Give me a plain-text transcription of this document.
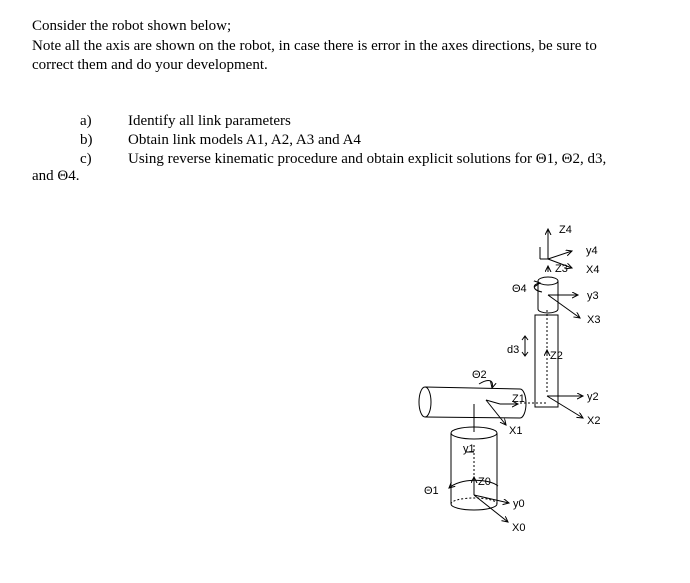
Consider the robot shown below;

Note all the axis are shown on the robot, in case there is error in the axes directions, be sure to

correct them and do your development.

a)	Identify all link parameters
b)	Obtain link models A1, A2, A3 and A4
c)	Using reverse kinematic procedure and obtain explicit solutions for Θ1, Θ2, d3,
and Θ4.
Z4
y4
X4
Z3
y3
X3
Θ4
d3	Z2
y2
X2
Θ2
Z1
X1
y1
Θ1
Z0
y0
X0
